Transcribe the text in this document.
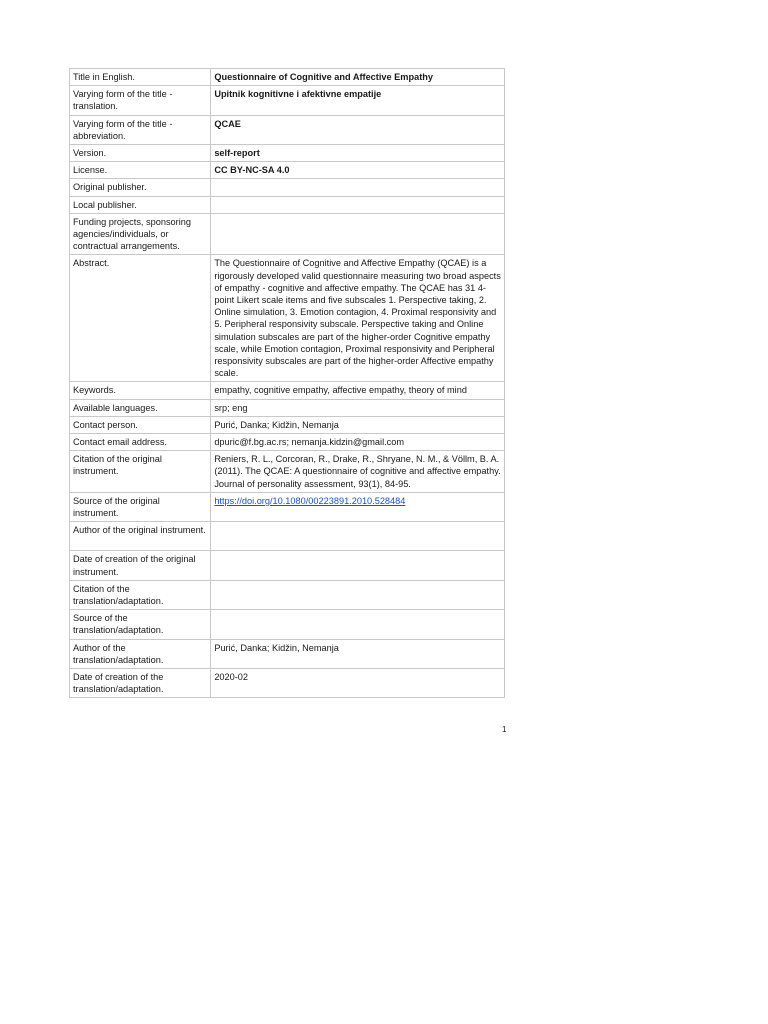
Title in English.	Questionnaire of Cognitive and Affective Empathy
Varying form of the title - translation.	Upitnik kognitivne i afektivne empatije
Varying form of the title - abbreviation.	QCAE
Version.	self-report
License.	CC BY-NC-SA 4.0
Original publisher.	
Local publisher.	
Funding projects, sponsoring agencies/individuals, or contractual arrangements.	
Abstract.	The Questionnaire of Cognitive and Affective Empathy (QCAE) is a rigorously developed valid questionnaire measuring two broad aspects of empathy - cognitive and affective empathy. The QCAE has 31 4-point Likert scale items and five subscales 1. Perspective taking, 2. Online simulation, 3. Emotion contagion, 4. Proximal responsivity and 5. Peripheral responsivity subscale. Perspective taking and Online simulation subscales are part of the higher-order Cognitive empathy scale, while Emotion contagion, Proximal responsivity and Peripheral responsivity subscales are part of the higher-order Affective empathy scale.
Keywords.	empathy, cognitive empathy, affective empathy, theory of mind
Available languages.	srp; eng
Contact person.	Purić, Danka; Kidžin, Nemanja
Contact email address.	dpuric@f.bg.ac.rs; nemanja.kidzin@gmail.com
Citation of the original instrument.	Reniers, R. L., Corcoran, R., Drake, R., Shryane, N. M., & Völlm, B. A. (2011). The QCAE: A questionnaire of cognitive and affective empathy. Journal of personality assessment, 93(1), 84-95.
Source of the original instrument.	https://doi.org/10.1080/00223891.2010.528484
Author of the original instrument.	
Date of creation of the original instrument.	
Citation of the translation/adaptation.	
Source of the translation/adaptation.	
Author of the translation/adaptation.	Purić, Danka; Kidžin, Nemanja
Date of creation of the translation/adaptation.	2020-02
1
